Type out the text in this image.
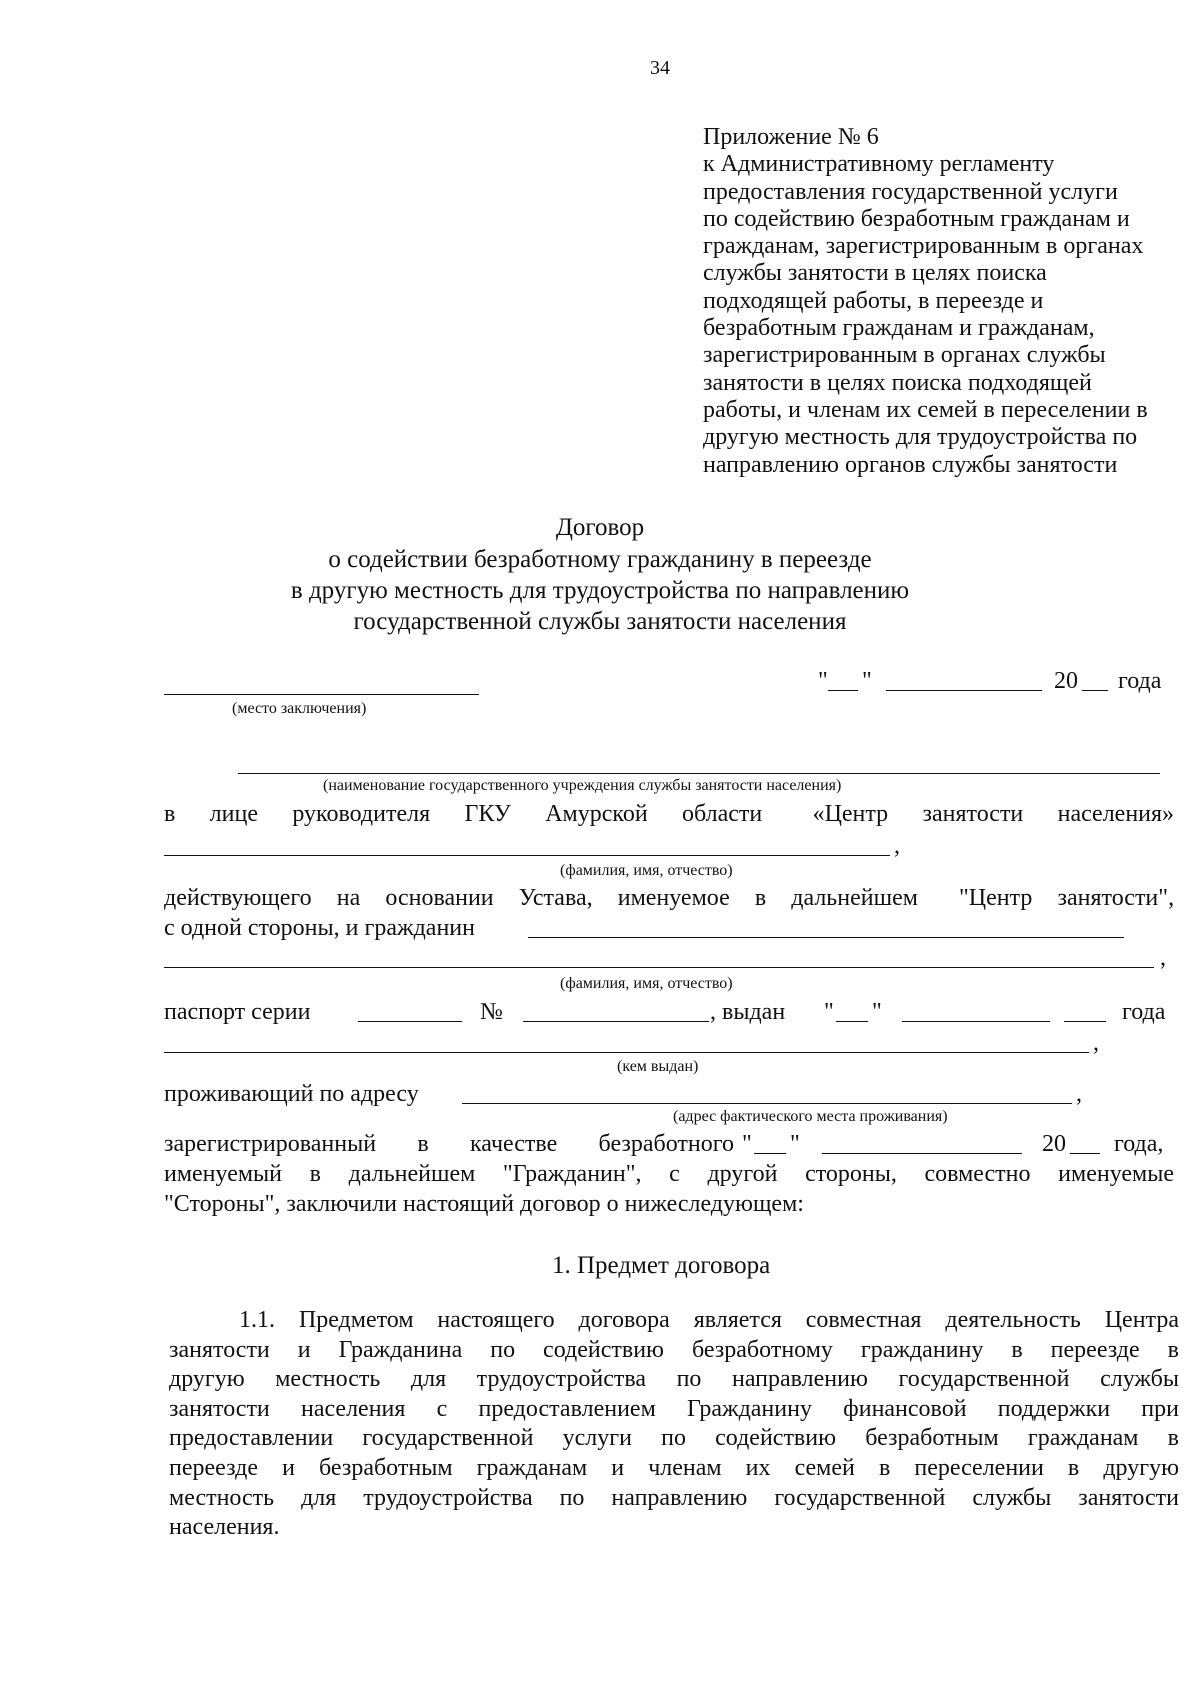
34
Приложение № 6
к Административному регламенту
предоставления государственной услуги
по содействию безработным гражданам и
гражданам, зарегистрированным в органах
службы занятости в целях поиска
подходящей работы, в переезде и
безработным гражданам и гражданам,
зарегистрированным в органах службы
занятости в целях поиска подходящей
работы, и членам их семей в переселении в
другую местность для трудоустройства по
направлению органов службы занятости
Договор
о содействии безработному гражданину в переезде
в другую местность для трудоустройства по направлению
государственной службы занятости населения
(место заключения)
" "	20 года
(наименование государственного учреждения службы занятости населения)
в лице руководителя ГКУ Амурской области «Центр занятости населения»
,
(фамилия, имя, отчество)
действующего на основании Устава, именуемое в дальнейшем "Центр занятости",
с одной стороны, и гражданин
,
(фамилия, имя, отчество)
паспорт серии	№	, выдан " "	года
,
(кем выдан)
проживающий по адресу	,
(адрес фактического места проживания)
зарегистрированный в качестве безработного " "	20 года,
именуемый в дальнейшем "Гражданин", с другой стороны, совместно именуемые
"Стороны", заключили настоящий договор о нижеследующем:
1. Предмет договора
1.1. Предметом настоящего договора является совместная деятельность Центра
занятости и Гражданина по содействию безработному гражданину в переезде в
другую местность для трудоустройства по направлению государственной службы
занятости населения с предоставлением Гражданину финансовой поддержки при
предоставлении государственной услуги по содействию безработным гражданам в
переезде и безработным гражданам и членам их семей в переселении в другую
местность для трудоустройства по направлению государственной службы занятости
населения.
